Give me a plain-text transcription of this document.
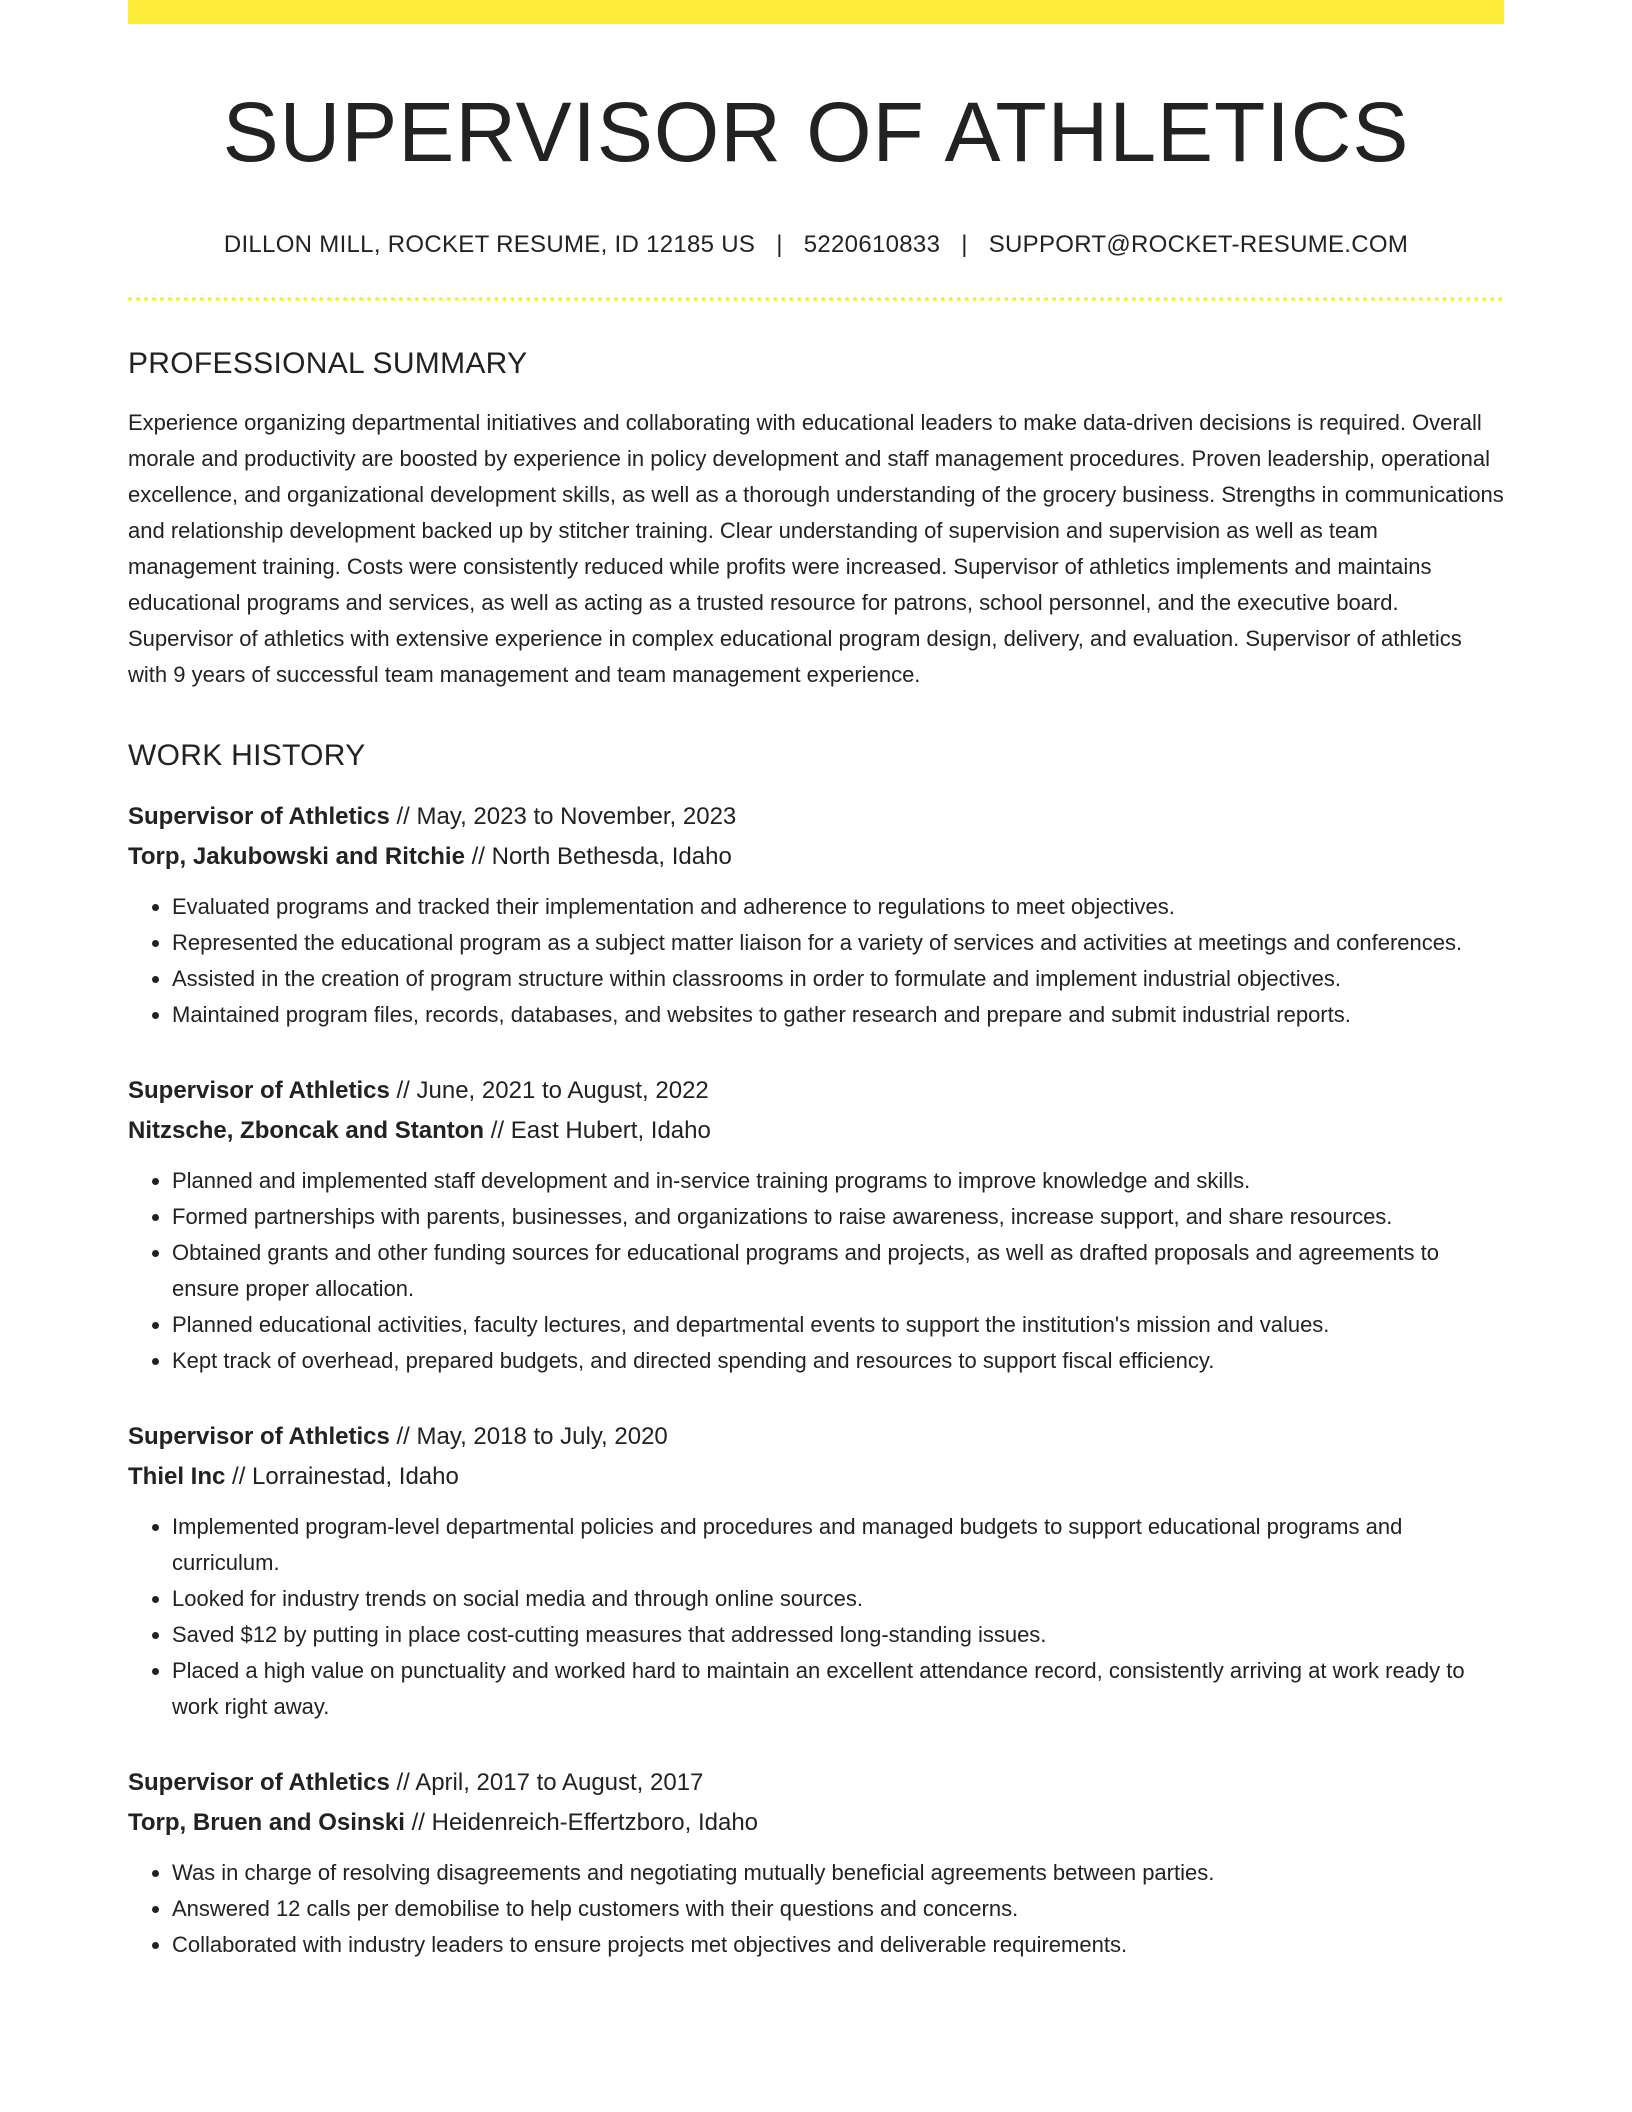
SUPERVISOR OF ATHLETICS
DILLON MILL, ROCKET RESUME, ID 12185 US | 5220610833 | SUPPORT@ROCKET-RESUME.COM
PROFESSIONAL SUMMARY

Experience organizing departmental initiatives and collaborating with educational leaders to make data-driven decisions is required. Overall morale and productivity are boosted by experience in policy development and staff management procedures. Proven leadership, operational excellence, and organizational development skills, as well as a thorough understanding of the grocery business. Strengths in communications and relationship development backed up by stitcher training. Clear understanding of supervision and supervision as well as team management training. Costs were consistently reduced while profits were increased. Supervisor of athletics implements and maintains educational programs and services, as well as acting as a trusted resource for patrons, school personnel, and the executive board. Supervisor of athletics with extensive experience in complex educational program design, delivery, and evaluation. Supervisor of athletics with 9 years of successful team management and team management experience.

WORK HISTORY
Supervisor of Athletics // May, 2023 to November, 2023
Torp, Jakubowski and Ritchie // North Bethesda, Idaho
• Evaluated programs and tracked their implementation and adherence to regulations to meet objectives.
• Represented the educational program as a subject matter liaison for a variety of services and activities at meetings and conferences.
• Assisted in the creation of program structure within classrooms in order to formulate and implement industrial objectives.
• Maintained program files, records, databases, and websites to gather research and prepare and submit industrial reports.
Supervisor of Athletics // June, 2021 to August, 2022
Nitzsche, Zboncak and Stanton // East Hubert, Idaho
• Planned and implemented staff development and in-service training programs to improve knowledge and skills.
• Formed partnerships with parents, businesses, and organizations to raise awareness, increase support, and share resources.
• Obtained grants and other funding sources for educational programs and projects, as well as drafted proposals and agreements to ensure proper allocation.
• Planned educational activities, faculty lectures, and departmental events to support the institution's mission and values.
• Kept track of overhead, prepared budgets, and directed spending and resources to support fiscal efficiency.
Supervisor of Athletics // May, 2018 to July, 2020
Thiel Inc // Lorrainestad, Idaho
• Implemented program-level departmental policies and procedures and managed budgets to support educational programs and curriculum.
• Looked for industry trends on social media and through online sources.
• Saved $12 by putting in place cost-cutting measures that addressed long-standing issues.
• Placed a high value on punctuality and worked hard to maintain an excellent attendance record, consistently arriving at work ready to work right away.
Supervisor of Athletics // April, 2017 to August, 2017
Torp, Bruen and Osinski // Heidenreich-Effertzboro, Idaho
• Was in charge of resolving disagreements and negotiating mutually beneficial agreements between parties.
• Answered 12 calls per demobilise to help customers with their questions and concerns.
• Collaborated with industry leaders to ensure projects met objectives and deliverable requirements.
